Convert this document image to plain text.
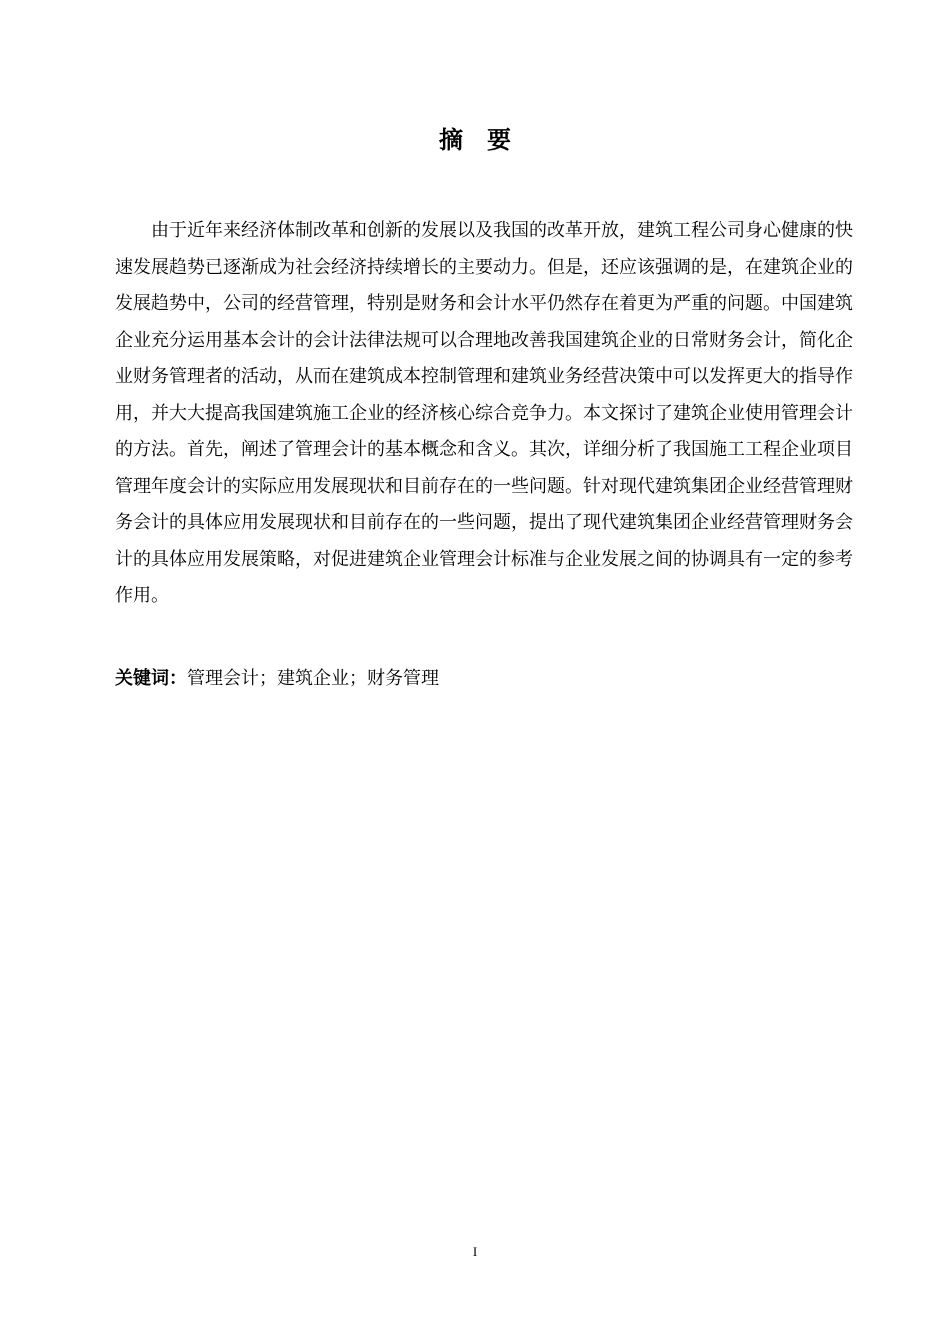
摘要
由于近年来经济体制改革和创新的发展以及我国的改革开放，建筑工程公司身心健康的快速发展趋势已逐渐成为社会经济持续增长的主要动力。但是，还应该强调的是，在建筑企业的发展趋势中，公司的经营管理，特别是财务和会计水平仍然存在着更为严重的问题。中国建筑企业充分运用基本会计的会计法律法规可以合理地改善我国建筑企业的日常财务会计，简化企业财务管理者的活动，从而在建筑成本控制管理和建筑业务经营决策中可以发挥更大的指导作用，并大大提高我国建筑施工企业的经济核心综合竞争力。本文探讨了建筑企业使用管理会计的方法。首先，阐述了管理会计的基本概念和含义。其次，详细分析了我国施工工程企业项目管理年度会计的实际应用发展现状和目前存在的一些问题。针对现代建筑集团企业经营管理财务会计的具体应用发展现状和目前存在的一些问题，提出了现代建筑集团企业经营管理财务会计的具体应用发展策略，对促进建筑企业管理会计标准与企业发展之间的协调具有一定的参考作用。
关键词：管理会计；建筑企业；财务管理
I
